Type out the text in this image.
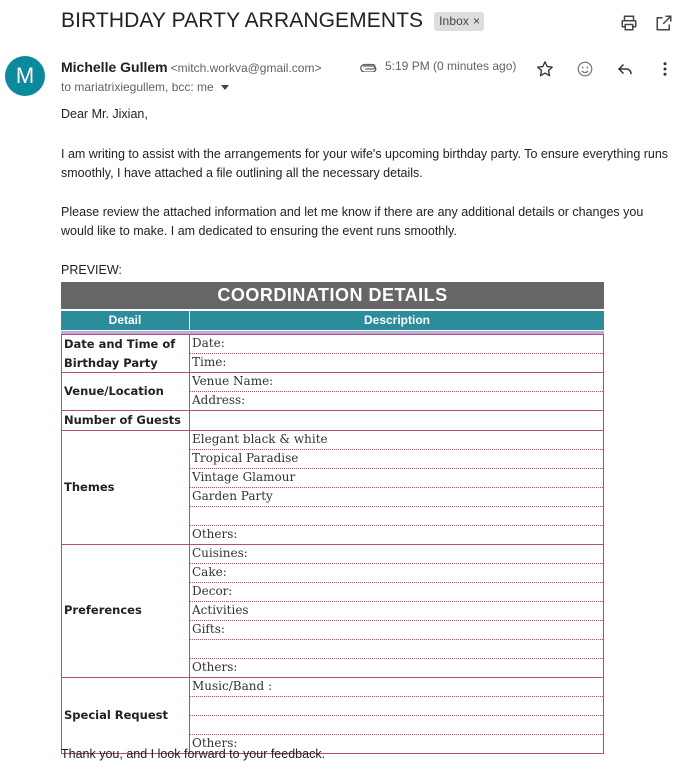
BIRTHDAY PARTY ARRANGEMENTS Inbox ×
M	Michelle Gullem <mitch.workva@gmail.com>
to mariatrixiegullem, bcc: me
5:19 PM (0 minutes ago)
Dear Mr. Jixian,
I am writing to assist with the arrangements for your wife's upcoming birthday party. To ensure everything runs smoothly, I have attached a file outlining all the necessary details.
Please review the attached information and let me know if there are any additional details or changes you would like to make. I am dedicated to ensuring the event runs smoothly.
PREVIEW:
COORDINATION DETAILS
Detail	Description
Date and Time of Birthday Party
Date:
Time:
Venue/Location
Venue Name:
Address:
Number of Guests
Themes
Elegant black & white
Tropical Paradise
Vintage Glamour
Garden Party
Others:
Preferences
Cuisines:
Cake:
Decor:
Activities
Gifts:
Others:
Special Request
Music/Band :
Others:
Thank you, and I look forward to your feedback.
